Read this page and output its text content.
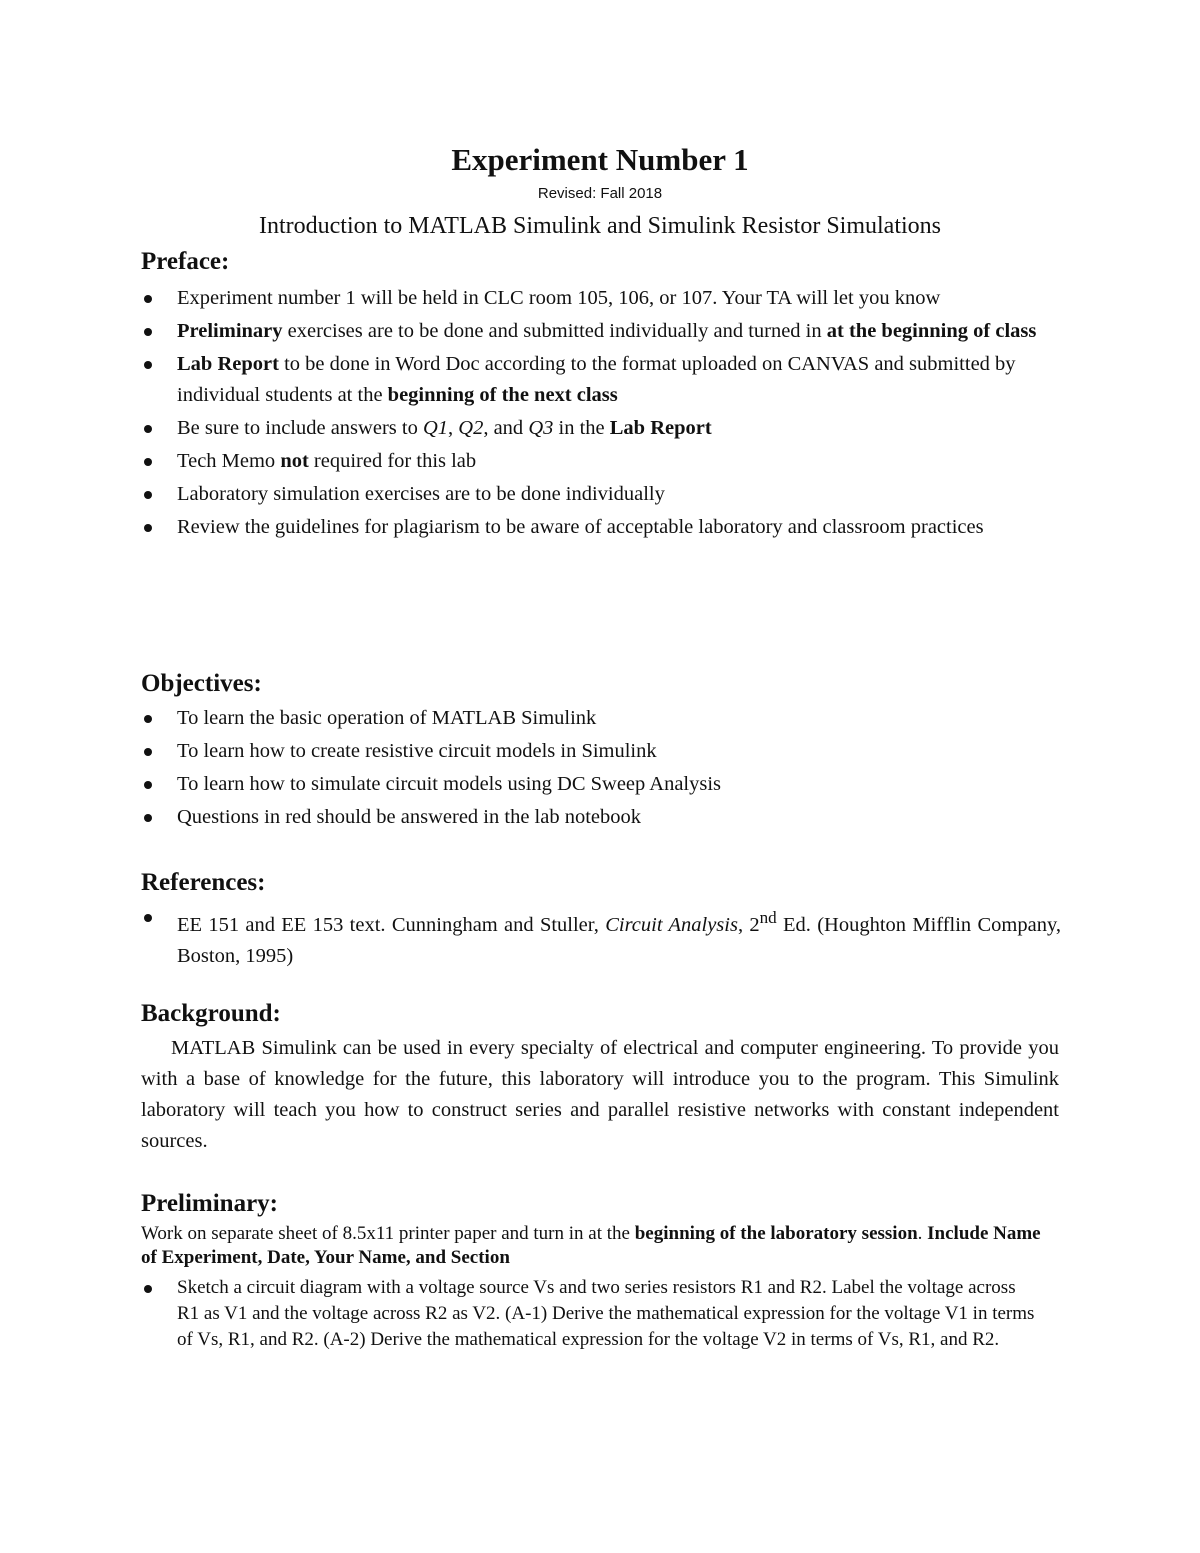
Experiment Number 1
Revised: Fall 2018
Introduction to MATLAB Simulink and Simulink Resistor Simulations
Preface:
Experiment number 1 will be held in CLC room 105, 106, or 107. Your TA will let you know
Preliminary exercises are to be done and submitted individually and turned in at the beginning of class
Lab Report to be done in Word Doc according to the format uploaded on CANVAS and submitted by individual students at the beginning of the next class
Be sure to include answers to Q1, Q2, and Q3 in the Lab Report
Tech Memo not required for this lab
Laboratory simulation exercises are to be done individually
Review the guidelines for plagiarism to be aware of acceptable laboratory and classroom practices
Objectives:
To learn the basic operation of MATLAB Simulink
To learn how to create resistive circuit models in Simulink
To learn how to simulate circuit models using DC Sweep Analysis
Questions in red should be answered in the lab notebook
References:
EE 151 and EE 153 text. Cunningham and Stuller, Circuit Analysis, 2nd Ed. (Houghton Mifflin Company, Boston, 1995)
Background:

MATLAB Simulink can be used in every specialty of electrical and computer engineering. To provide you with a base of knowledge for the future, this laboratory will introduce you to the program. This Simulink laboratory will teach you how to construct series and parallel resistive networks with constant independent sources.

Preliminary:

Work on separate sheet of 8.5x11 printer paper and turn in at the beginning of the laboratory session. Include Name of Experiment, Date, Your Name, and Section

Sketch a circuit diagram with a voltage source Vs and two series resistors R1 and R2. Label the voltage across R1 as V1 and the voltage across R2 as V2. (A-1) Derive the mathematical expression for the voltage V1 in terms of Vs, R1, and R2. (A-2) Derive the mathematical expression for the voltage V2 in terms of Vs, R1, and R2.
